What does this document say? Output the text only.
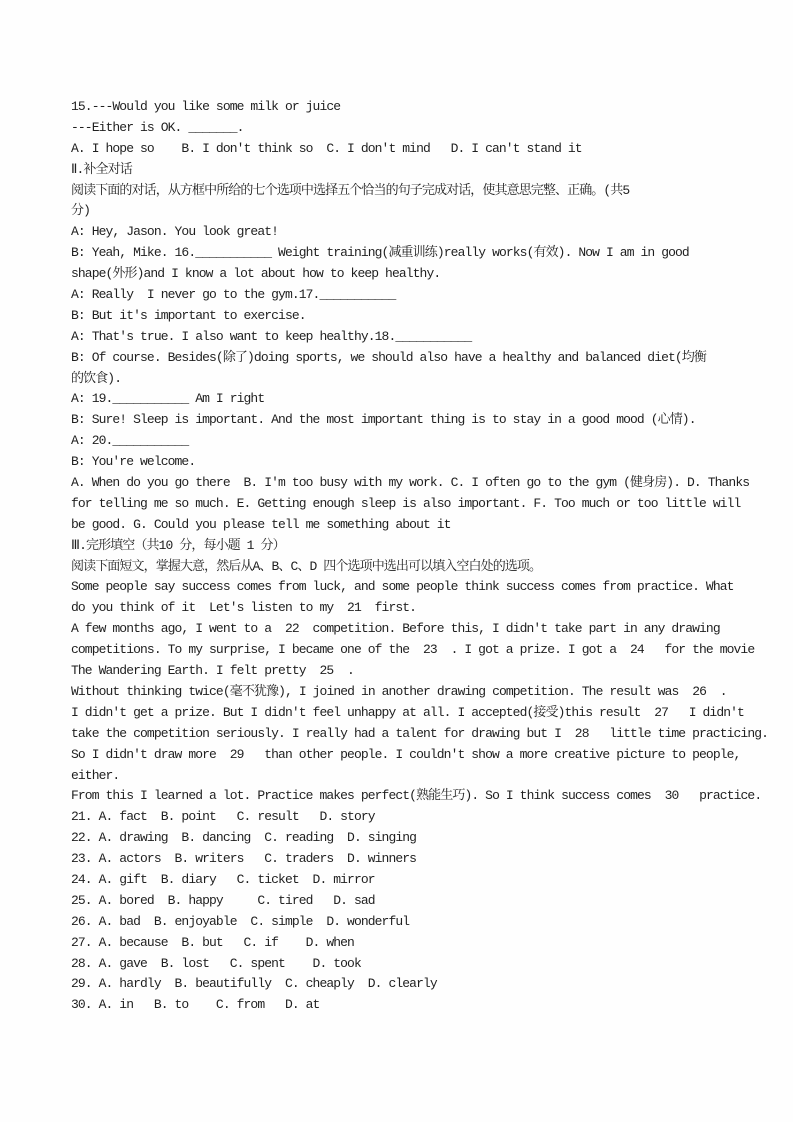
15.---Would you like some milk or juice
---Either is OK. _______.
A. I hope so    B. I don't think so  C. I don't mind   D. I can't stand it
Ⅱ.补全对话
阅读下面的对话，从方框中所给的七个选项中选择五个恰当的句子完成对话，使其意思完整、正确。(共5
分)
A: Hey, Jason. You look great!
B: Yeah, Mike. 16.___________ Weight training(减重训练)really works(有效). Now I am in good
shape(外形)and I know a lot about how to keep healthy.
A: Really  I never go to the gym.17.___________
B: But it's important to exercise.
A: That's true. I also want to keep healthy.18.___________
B: Of course. Besides(除了)doing sports, we should also have a healthy and balanced diet(均衡
的饮食).
A: 19.___________ Am I right
B: Sure! Sleep is important. And the most important thing is to stay in a good mood (心情).
A: 20.___________
B: You're welcome.
A. When do you go there  B. I'm too busy with my work. C. I often go to the gym (健身房). D. Thanks
for telling me so much. E. Getting enough sleep is also important. F. Too much or too little will
be good. G. Could you please tell me something about it
Ⅲ.完形填空（共10 分，每小题 1 分）
阅读下面短文，掌握大意，然后从A、B、C、D 四个选项中选出可以填入空白处的选项。
Some people say success comes from luck, and some people think success comes from practice. What
do you think of it  Let's listen to my  21  first.
A few months ago, I went to a  22  competition. Before this, I didn't take part in any drawing
competitions. To my surprise, I became one of the  23  . I got a prize. I got a  24   for the movie
The Wandering Earth. I felt pretty  25  .
Without thinking twice(毫不犹豫), I joined in another drawing competition. The result was  26  .
I didn't get a prize. But I didn't feel unhappy at all. I accepted(接受)this result  27   I didn't
take the competition seriously. I really had a talent for drawing but I  28   little time practicing.
So I didn't draw more  29   than other people. I couldn't show a more creative picture to people,
either.
From this I learned a lot. Practice makes perfect(熟能生巧). So I think success comes  30   practice.
21. A. fact  B. point   C. result   D. story
22. A. drawing  B. dancing  C. reading  D. singing
23. A. actors  B. writers   C. traders  D. winners
24. A. gift  B. diary   C. ticket  D. mirror
25. A. bored  B. happy     C. tired   D. sad
26. A. bad  B. enjoyable  C. simple  D. wonderful
27. A. because  B. but   C. if    D. when
28. A. gave  B. lost   C. spent    D. took
29. A. hardly  B. beautifully  C. cheaply  D. clearly
30. A. in   B. to    C. from   D. at
